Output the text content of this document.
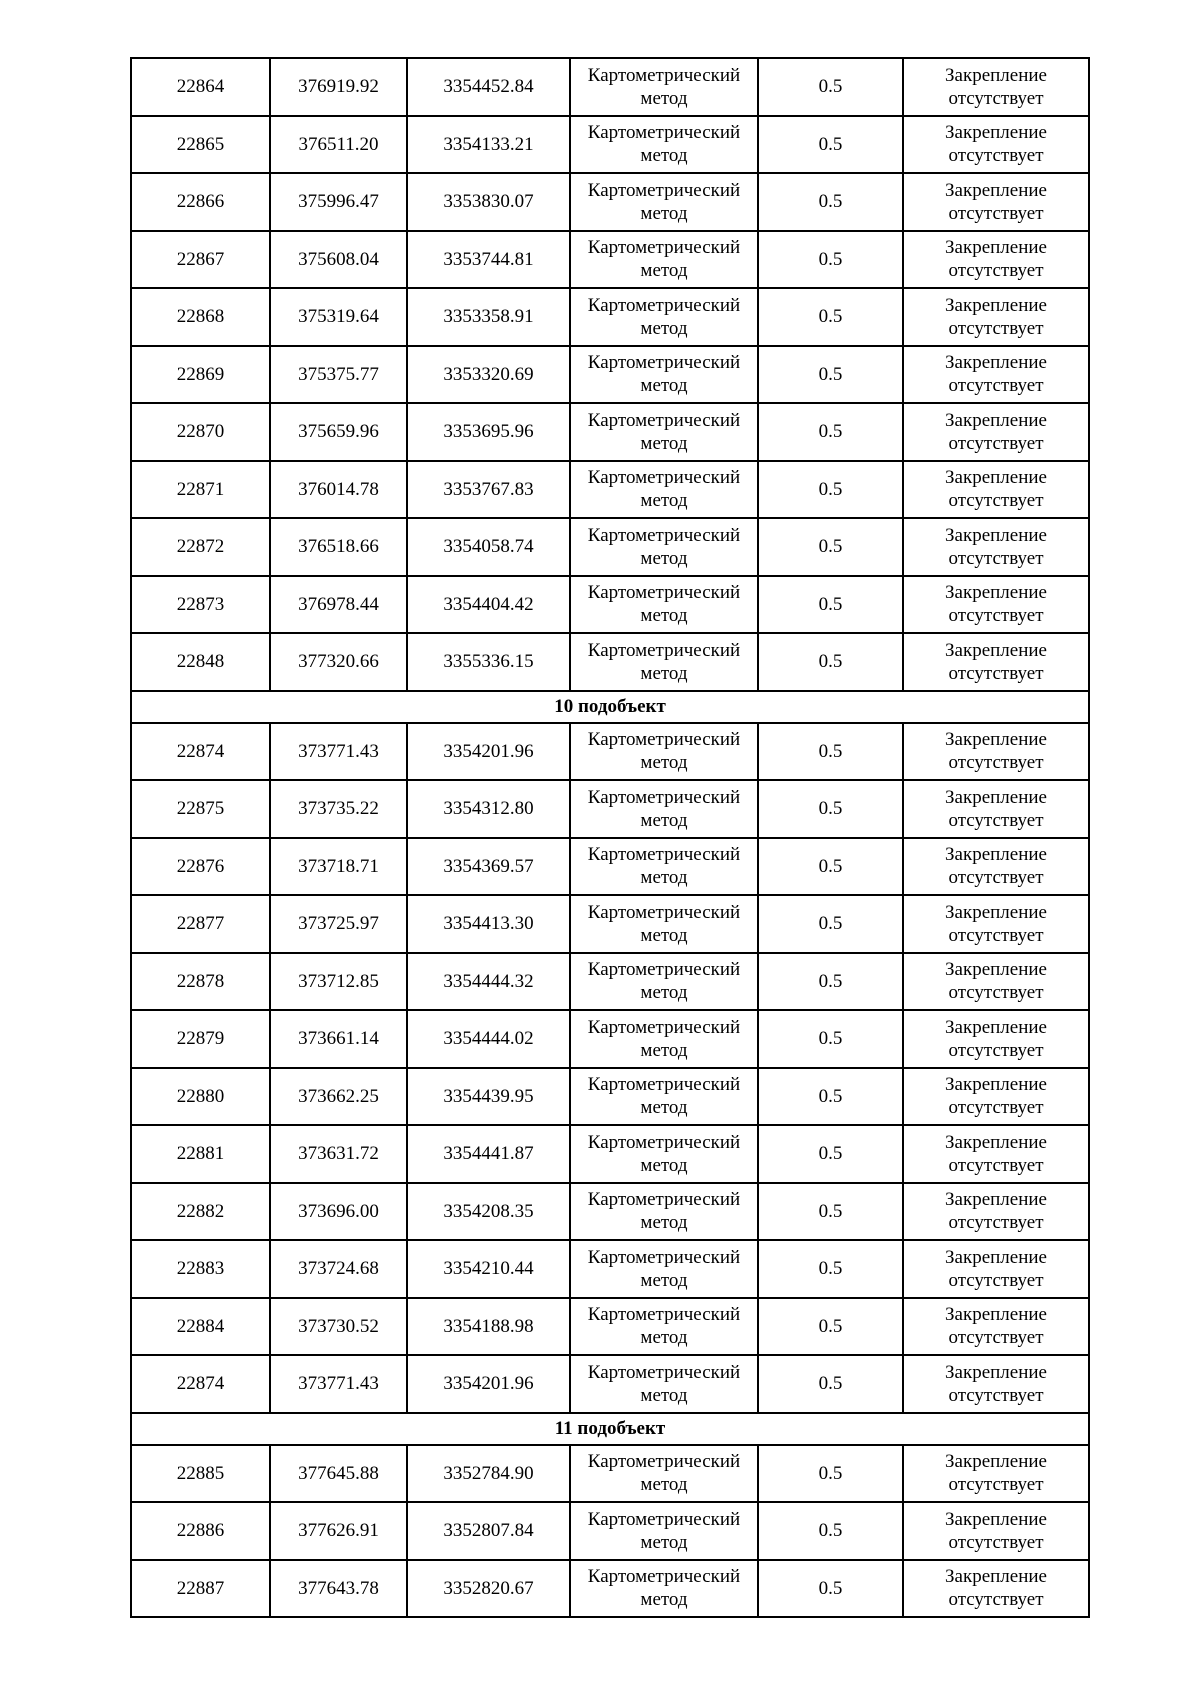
22864	376919.92	3354452.84	Картометрический метод	0.5	Закрепление отсутствует
22865	376511.20	3354133.21	Картометрический метод	0.5	Закрепление отсутствует
22866	375996.47	3353830.07	Картометрический метод	0.5	Закрепление отсутствует
22867	375608.04	3353744.81	Картометрический метод	0.5	Закрепление отсутствует
22868	375319.64	3353358.91	Картометрический метод	0.5	Закрепление отсутствует
22869	375375.77	3353320.69	Картометрический метод	0.5	Закрепление отсутствует
22870	375659.96	3353695.96	Картометрический метод	0.5	Закрепление отсутствует
22871	376014.78	3353767.83	Картометрический метод	0.5	Закрепление отсутствует
22872	376518.66	3354058.74	Картометрический метод	0.5	Закрепление отсутствует
22873	376978.44	3354404.42	Картометрический метод	0.5	Закрепление отсутствует
22848	377320.66	3355336.15	Картометрический метод	0.5	Закрепление отсутствует
10 подобъект					
22874	373771.43	3354201.96	Картометрический метод	0.5	Закрепление отсутствует
22875	373735.22	3354312.80	Картометрический метод	0.5	Закрепление отсутствует
22876	373718.71	3354369.57	Картометрический метод	0.5	Закрепление отсутствует
22877	373725.97	3354413.30	Картометрический метод	0.5	Закрепление отсутствует
22878	373712.85	3354444.32	Картометрический метод	0.5	Закрепление отсутствует
22879	373661.14	3354444.02	Картометрический метод	0.5	Закрепление отсутствует
22880	373662.25	3354439.95	Картометрический метод	0.5	Закрепление отсутствует
22881	373631.72	3354441.87	Картометрический метод	0.5	Закрепление отсутствует
22882	373696.00	3354208.35	Картометрический метод	0.5	Закрепление отсутствует
22883	373724.68	3354210.44	Картометрический метод	0.5	Закрепление отсутствует
22884	373730.52	3354188.98	Картометрический метод	0.5	Закрепление отсутствует
22874	373771.43	3354201.96	Картометрический метод	0.5	Закрепление отсутствует
11 подобъект					
22885	377645.88	3352784.90	Картометрический метод	0.5	Закрепление отсутствует
22886	377626.91	3352807.84	Картометрический метод	0.5	Закрепление отсутствует
22887	377643.78	3352820.67	Картометрический метод	0.5	Закрепление отсутствует
